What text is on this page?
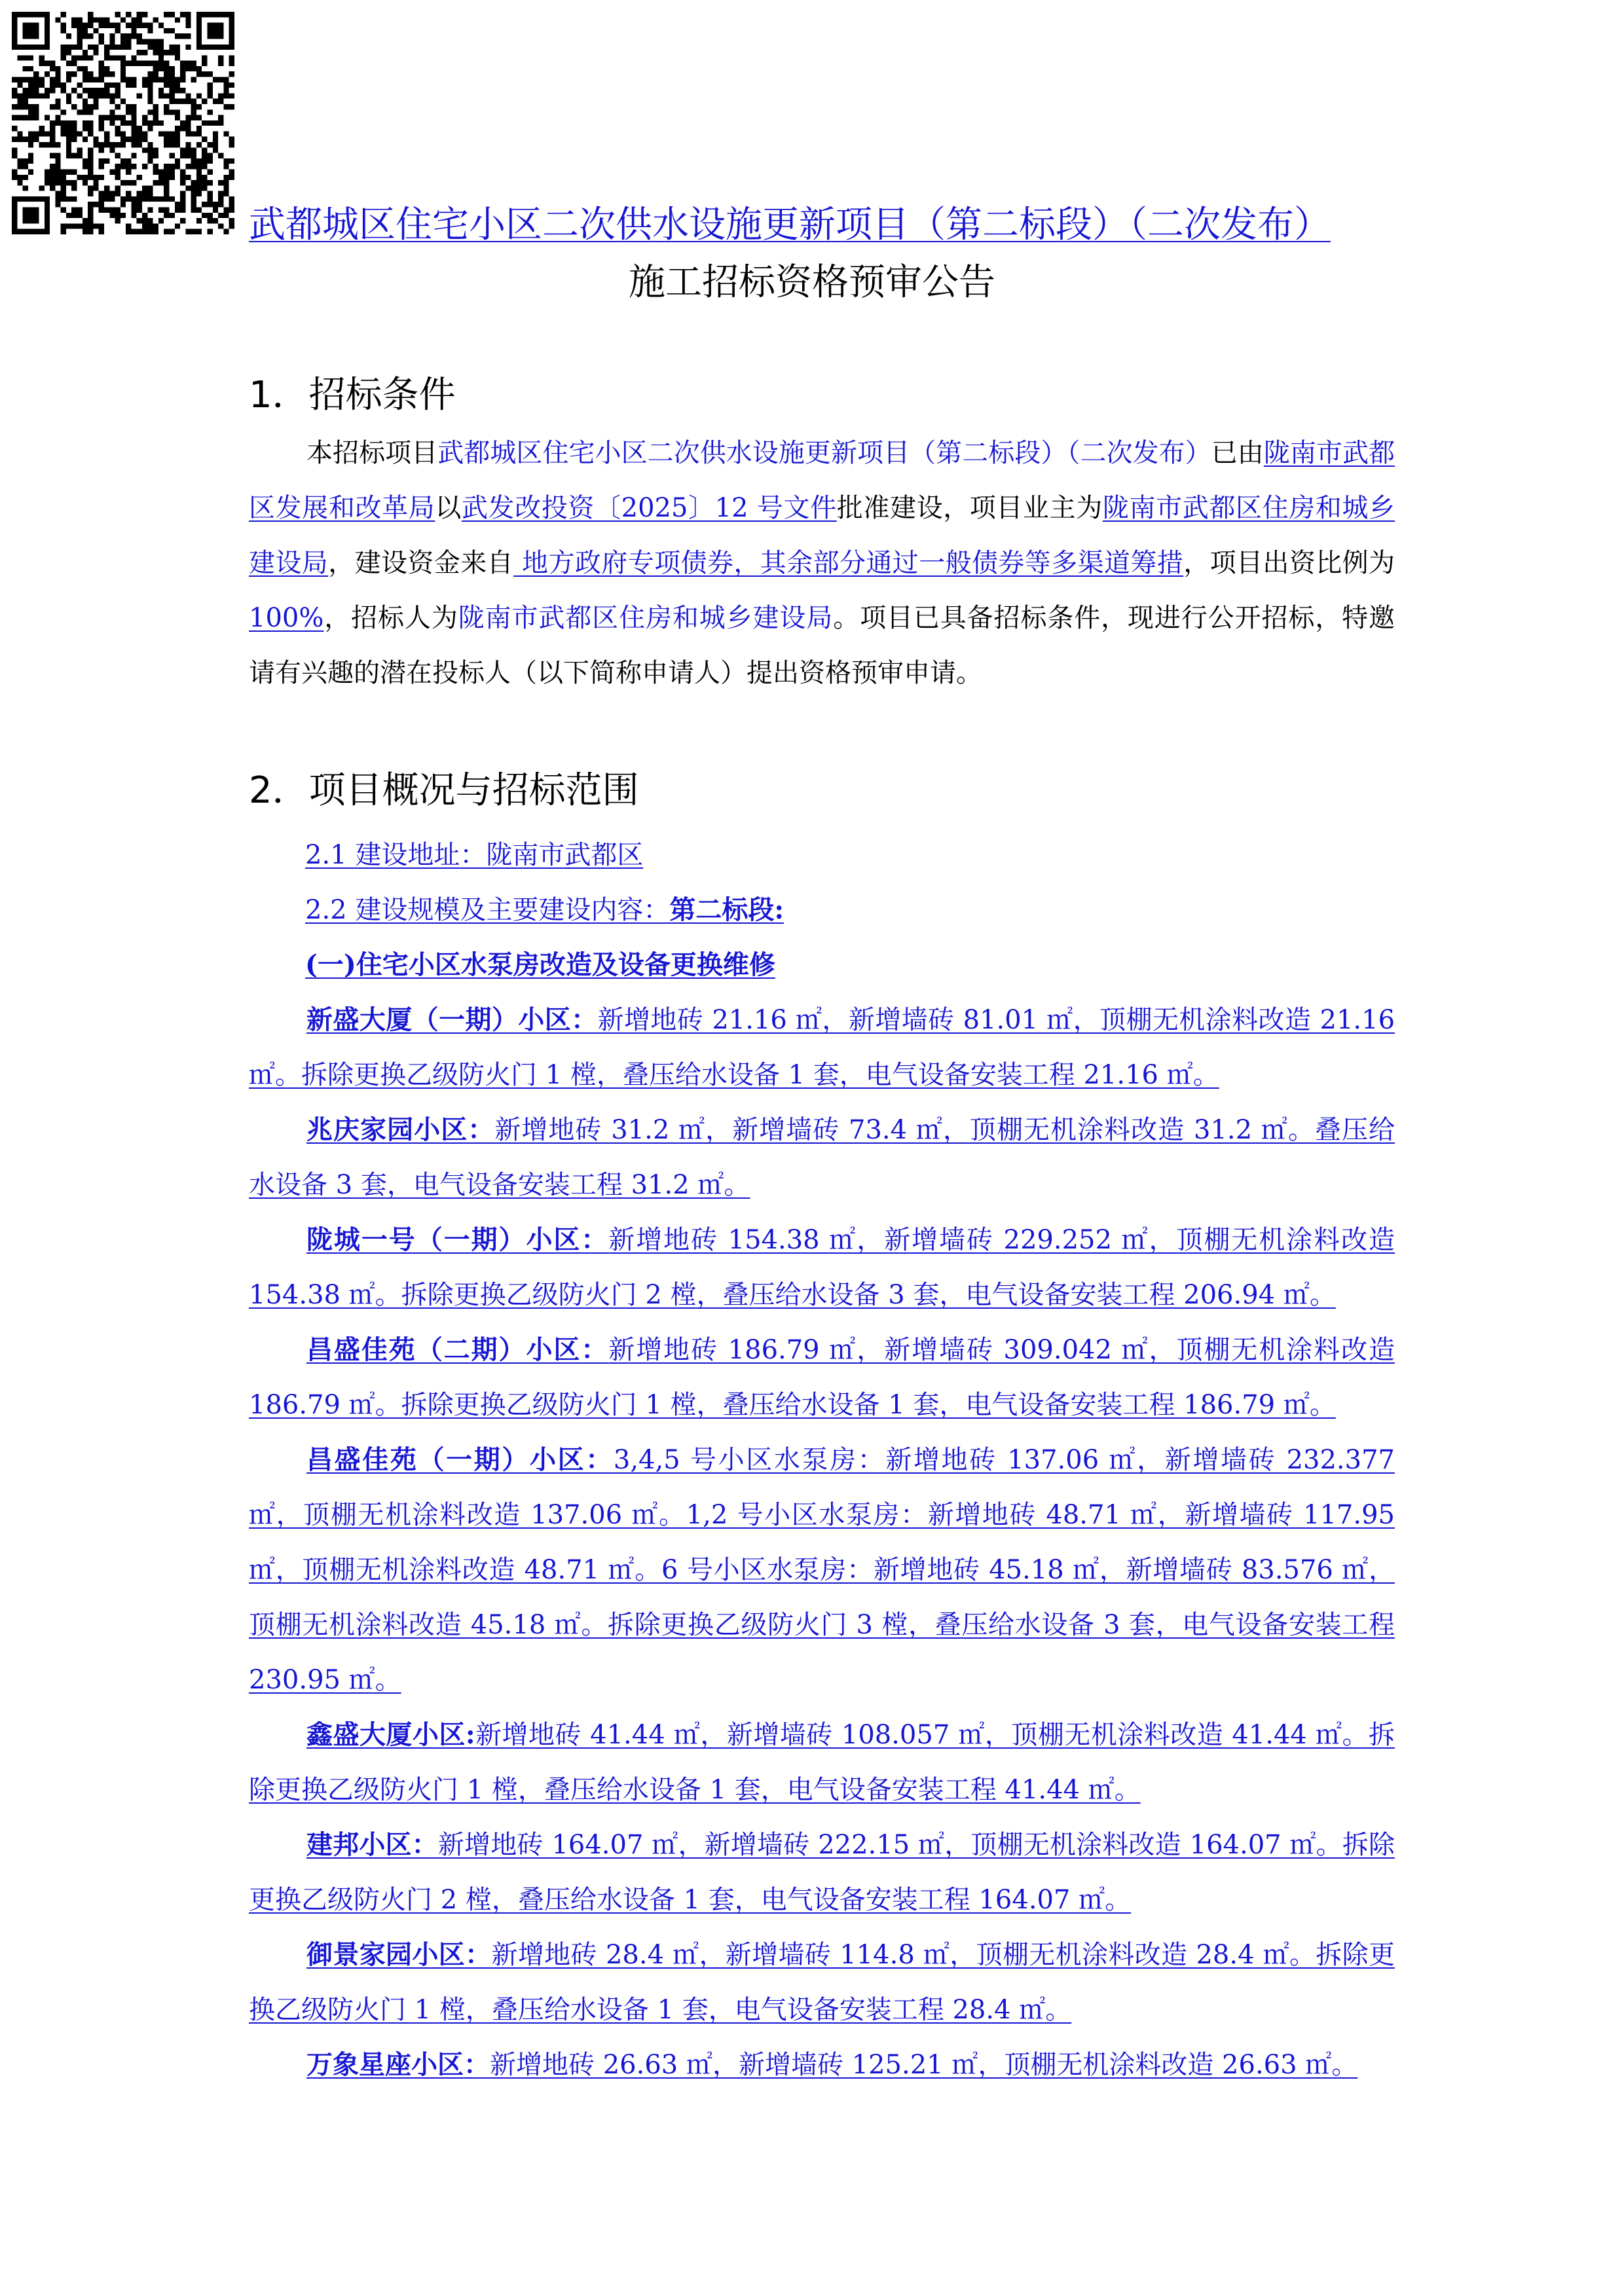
武都城区住宅小区二次供水设施更新项目（第二标段）（二次发布）
施工招标资格预审公告
1．招标条件

本招标项目武都城区住宅小区二次供水设施更新项目（第二标段）（二次发布）已由陇南市武都区发展和改革局以武发改投资〔2025〕12 号文件批准建设，项目业主为陇南市武都区住房和城乡建设局，建设资金来自 地方政府专项债券，其余部分通过一般债券等多渠道筹措，项目出资比例为100%，招标人为陇南市武都区住房和城乡建设局。项目已具备招标条件，现进行公开招标，特邀请有兴趣的潜在投标人（以下简称申请人）提出资格预审申请。

2．项目概况与招标范围
2.1 建设地址：陇南市武都区
2.2 建设规模及主要建设内容：第二标段:
(一)住宅小区水泵房改造及设备更换维修

新盛大厦（一期）小区：新增地砖 21.16 ㎡，新增墙砖 81.01 ㎡，顶棚无机涂料改造 21.16 ㎡。拆除更换乙级防火门 1 樘，叠压给水设备 1 套，电气设备安装工程 21.16 ㎡。

兆庆家园小区：新增地砖 31.2 ㎡，新增墙砖 73.4 ㎡，顶棚无机涂料改造 31.2 ㎡。叠压给水设备 3 套，电气设备安装工程 31.2 ㎡。

陇城一号（一期）小区：新增地砖 154.38 ㎡，新增墙砖 229.252 ㎡，顶棚无机涂料改造 154.38 ㎡。拆除更换乙级防火门 2 樘，叠压给水设备 3 套，电气设备安装工程 206.94 ㎡。

昌盛佳苑（二期）小区：新增地砖 186.79 ㎡，新增墙砖 309.042 ㎡，顶棚无机涂料改造 186.79 ㎡。拆除更换乙级防火门 1 樘，叠压给水设备 1 套，电气设备安装工程 186.79 ㎡。

昌盛佳苑（一期）小区：3,4,5 号小区水泵房：新增地砖 137.06 ㎡，新增墙砖 232.377 ㎡，顶棚无机涂料改造 137.06 ㎡。1,2 号小区水泵房：新增地砖 48.71 ㎡，新增墙砖 117.95 ㎡，顶棚无机涂料改造 48.71 ㎡。6 号小区水泵房：新增地砖 45.18 ㎡，新增墙砖 83.576 ㎡，顶棚无机涂料改造 45.18 ㎡。拆除更换乙级防火门 3 樘，叠压给水设备 3 套，电气设备安装工程 230.95 ㎡。

鑫盛大厦小区:新增地砖 41.44 ㎡，新增墙砖 108.057 ㎡，顶棚无机涂料改造 41.44 ㎡。拆除更换乙级防火门 1 樘，叠压给水设备 1 套，电气设备安装工程 41.44 ㎡。

建邦小区：新增地砖 164.07 ㎡，新增墙砖 222.15 ㎡，顶棚无机涂料改造 164.07 ㎡。拆除更换乙级防火门 2 樘，叠压给水设备 1 套，电气设备安装工程 164.07 ㎡。

御景家园小区：新增地砖 28.4 ㎡，新增墙砖 114.8 ㎡，顶棚无机涂料改造 28.4 ㎡。拆除更换乙级防火门 1 樘，叠压给水设备 1 套，电气设备安装工程 28.4 ㎡。

万象星座小区：新增地砖 26.63 ㎡，新增墙砖 125.21 ㎡，顶棚无机涂料改造 26.63 ㎡。
